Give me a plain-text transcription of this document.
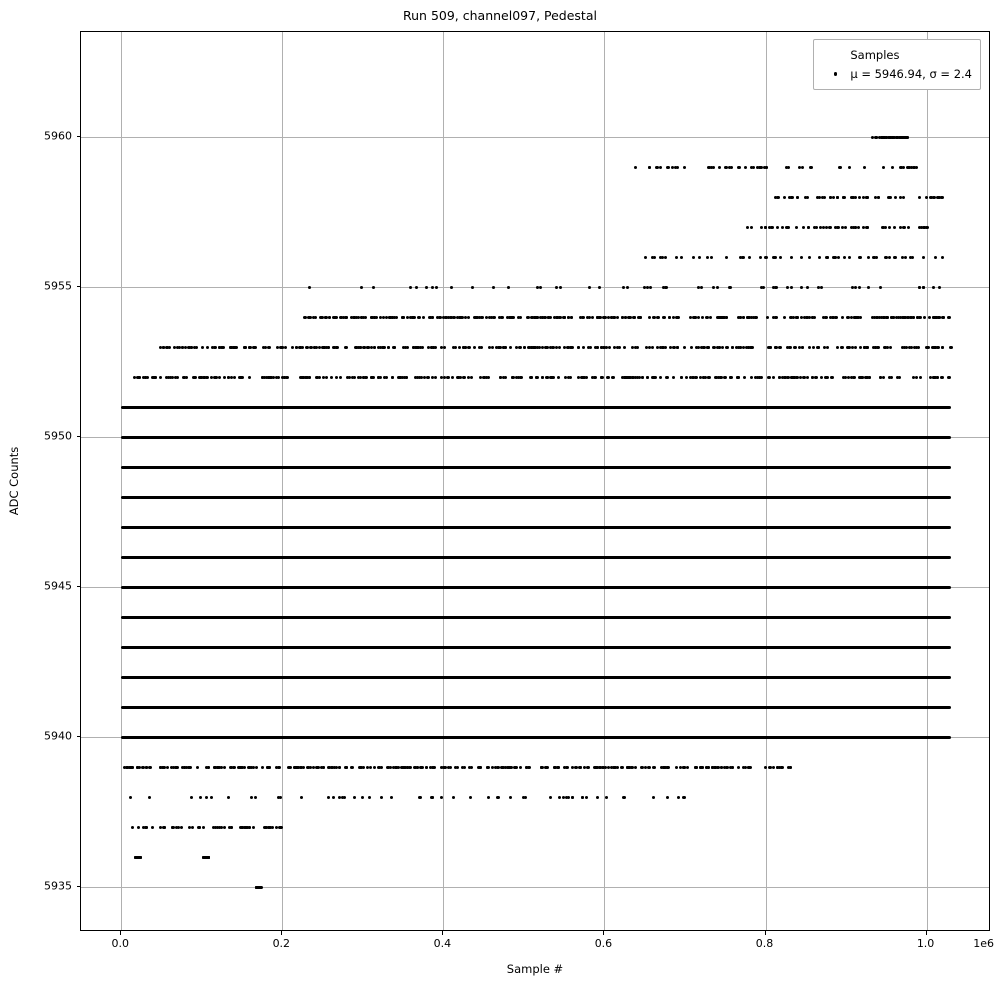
Run 509, channel097, Pedestal
Samples
μ = 5946.94, σ = 2.4
0.0	0.2	0.4	0.6	0.8	1.0
5935
5940
5945
5950
5955
5960
Sample #
ADC Counts
1e6
